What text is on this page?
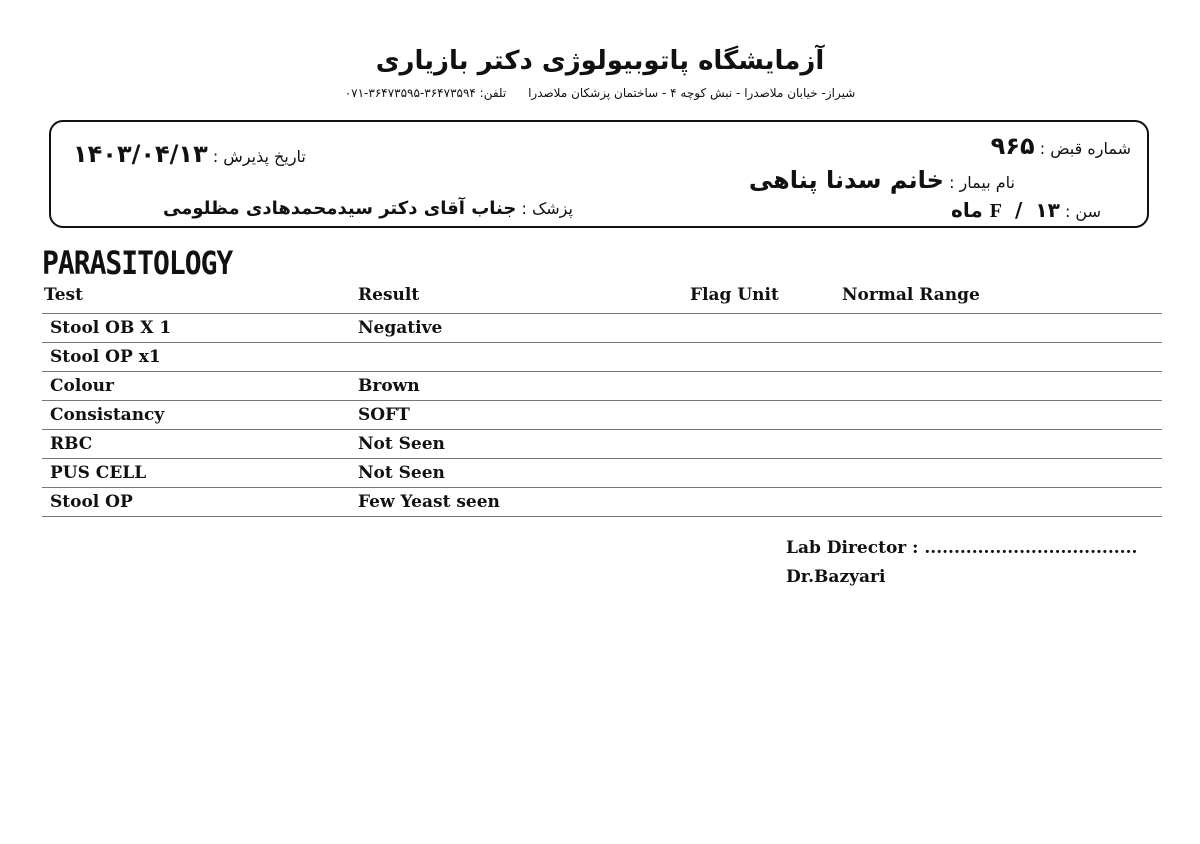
آزمایشگاه پاتوبیولوژی دکتر بازیاری
شیراز- خیابان ملاصدرا - نبش کوچه ۴ - ساختمان پزشکان ملاصدرا تلفن: ۳۶۴۷۳۵۹۴-۳۶۴۷۳۵۹۵-۰۷۱
شماره قبض : ۹۶۵
نام بیمار : خانم سدنا پناهی
سن : F / ۱۳ ماه
تاریخ پذیرش : ۱۴۰۳/۰۴/۱۳
پزشک : جناب آقای دکتر سیدمحمدهادی مظلومی
PARASITOLOGY
Test	Result	Flag Unit	Normal Range
Stool OB X 1	Negative
Stool OP x1
Colour	Brown
Consistancy	SOFT
RBC	Not Seen
PUS CELL	Not Seen
Stool OP	Few Yeast seen
Lab Director : ....................................
Dr.Bazyari
